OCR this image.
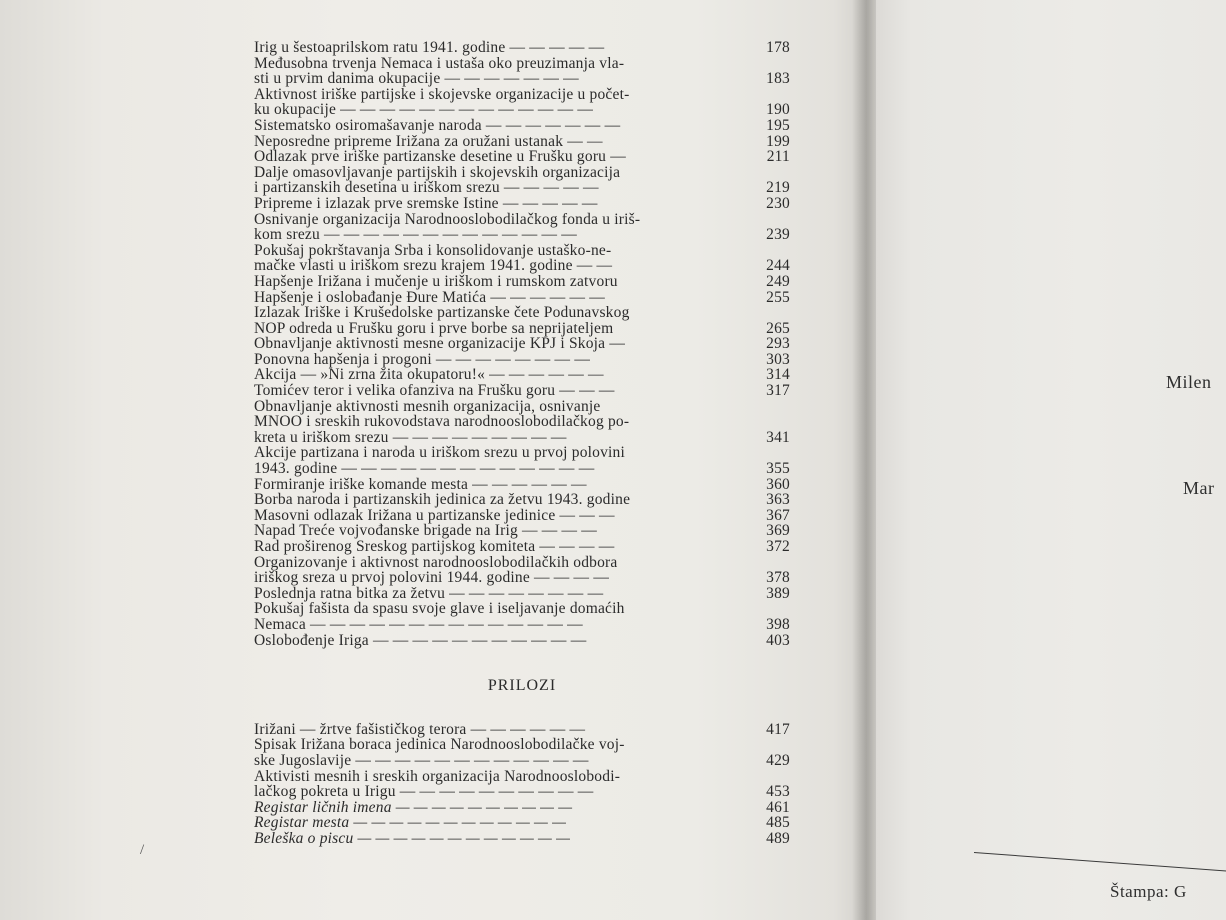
Irig u šestoaprilskom ratu 1941. godine — — — — —	178
Međusobna trvenja Nemaca i ustaša oko preuzimanja vla-
sti u prvim danima okupacije — — — — — — —	183
Aktivnost iriške partijske i skojevske organizacije u počet-
ku okupacije — — — — — — — — — — — — —	190
Sistematsko osiromašavanje naroda — — — — — — —	195
Neposredne pripreme Irižana za oružani ustanak — —	199
Odlazak prve iriške partizanske desetine u Frušku goru —	211
Dalje omasovljavanje partijskih i skojevskih organizacija
i partizanskih desetina u iriškom srezu — — — — —	219
Pripreme i izlazak prve sremske Istine — — — — —	230
Osnivanje organizacija Narodnooslobodilačkog fonda u iriš-
kom srezu — — — — — — — — — — — — —	239
Pokušaj pokrštavanja Srba i konsolidovanje ustaško-ne-
mačke vlasti u iriškom srezu krajem 1941. godine — —	244
Hapšenje Irižana i mučenje u iriškom i rumskom zatvoru	249
Hapšenje i oslobađanje Đure Matića — — — — — —	255
Izlazak Iriške i Krušedolske partizanske čete Podunavskog
NOP odreda u Frušku goru i prve borbe sa neprijateljem	265
Obnavljanje aktivnosti mesne organizacije KPJ i Skoja —	293
Ponovna hapšenja i progoni — — — — — — — —	303
Akcija — »Ni zrna žita okupatoru!« — — — — — —	314
Tomićev teror i velika ofanziva na Frušku goru — — —	317
Obnavljanje aktivnosti mesnih organizacija, osnivanje
MNOO i sreskih rukovodstava narodnooslobodilačkog po-
kreta u iriškom srezu — — — — — — — — —	341
Akcije partizana i naroda u iriškom srezu u prvoj polovini
1943. godine — — — — — — — — — — — — —	355
Formiranje iriške komande mesta — — — — — —	360
Borba naroda i partizanskih jedinica za žetvu 1943. godine	363
Masovni odlazak Irižana u partizanske jedinice — — —	367
Napad Treće vojvođanske brigade na Irig — — — —	369
Rad proširenog Sreskog partijskog komiteta — — — —	372
Organizovanje i aktivnost narodnooslobodilačkih odbora
iriškog sreza u prvoj polovini 1944. godine — — — —	378
Poslednja ratna bitka za žetvu — — — — — — — —	389
Pokušaj fašista da spasu svoje glave i iseljavanje domaćih
Nemaca — — — — — — — — — — — — — —	398
Oslobođenje Iriga — — — — — — — — — — —	403
PRILOZI
Irižani — žrtve fašističkog terora — — — — — —	417
Spisak Irižana boraca jedinica Narodnooslobodilačke voj-
ske Jugoslavije — — — — — — — — — — — —	429
Aktivisti mesnih i sreskih organizacija Narodnooslobodi-
lačkog pokreta u Irigu — — — — — — — — — —	453
Registar ličnih imena — — — — — — — — — —	461
Registar mesta — — — — — — — — — — — —	485
Beleška o piscu — — — — — — — — — — — —	489
/
Milen
Mar
Štampa: G
